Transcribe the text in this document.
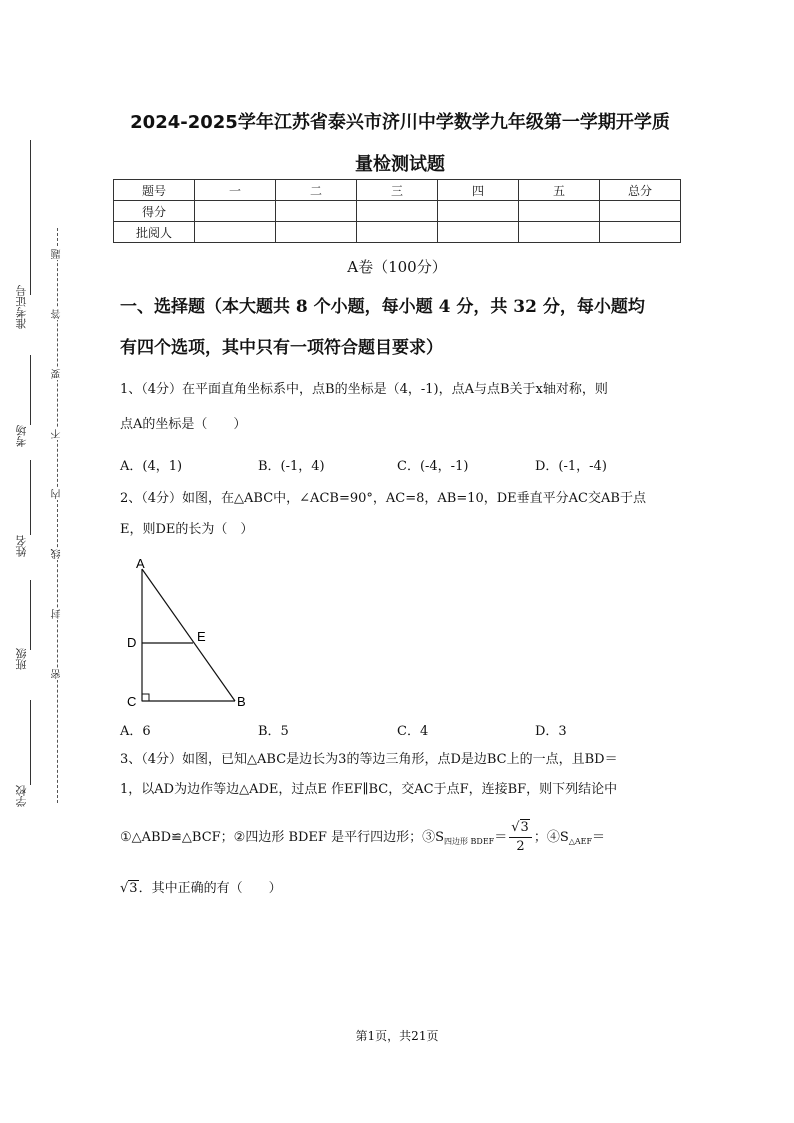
准考证号
考场
姓名
班级
学校
题
答
要
不
内
线
封
密
2024-2025学年江苏省泰兴市济川中学数学九年级第一学期开学质
量检测试题
题号	一	二	三	四	五	总分
得分						
批阅人						
A卷（100分）
一、选择题（本大题共 8 个小题，每小题 4 分，共 32 分，每小题均
有四个选项，其中只有一项符合题目要求）
1、（4分）在平面直角坐标系中，点B的坐标是（4，-1)，点A与点B关于x轴对称，则
点A的坐标是（　　）
A．(4，1)	B．(-1，4)	C．(-4，-1)	D．(-1，-4)
2、（4分）如图，在△ABC中，∠ACB=90°，AC=8，AB=10，DE垂直平分AC交AB于点
E，则DE的长为（　）
A
D	E
C	B
A．6	B．5	C．4	D．3
3、（4分）如图，已知△ABC是边长为3的等边三角形，点D是边BC上的一点，且BD＝
1，以AD为边作等边△ADE，过点E 作EF∥BC，交AC于点F，连接BF，则下列结论中
①△ABD≌△BCF；②四边形 BDEF 是平行四边形；$③S_{四边形 BDEF}= \frac{√3}{2}$ ；$④S_{\triangle AEF}=$
√3．其中正确的有（　　）
第1页，共21页
